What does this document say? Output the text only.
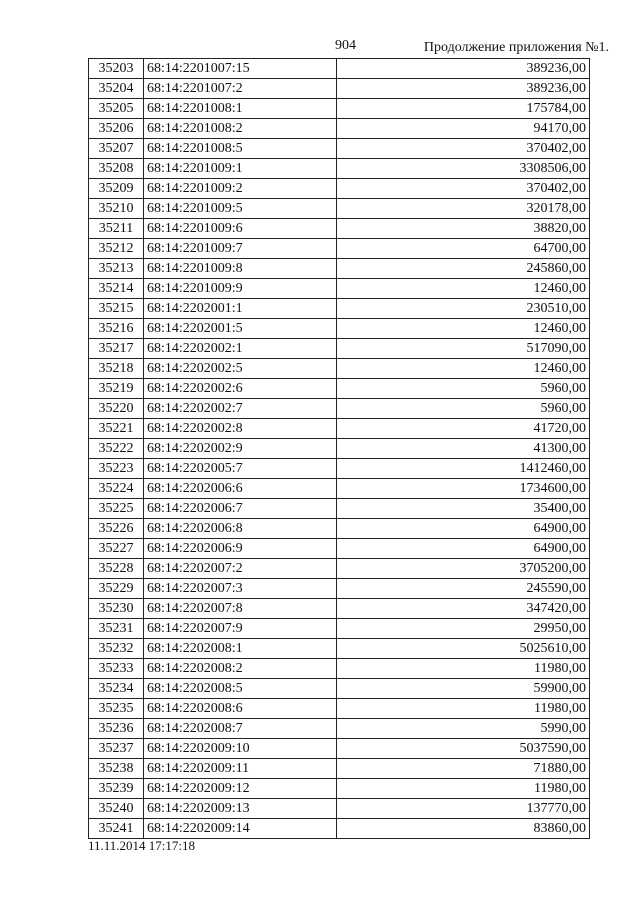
904	Продолжение приложения №1.
35203	68:14:2201007:15	389236,00
35204	68:14:2201007:2	389236,00
35205	68:14:2201008:1	175784,00
35206	68:14:2201008:2	94170,00
35207	68:14:2201008:5	370402,00
35208	68:14:2201009:1	3308506,00
35209	68:14:2201009:2	370402,00
35210	68:14:2201009:5	320178,00
35211	68:14:2201009:6	38820,00
35212	68:14:2201009:7	64700,00
35213	68:14:2201009:8	245860,00
35214	68:14:2201009:9	12460,00
35215	68:14:2202001:1	230510,00
35216	68:14:2202001:5	12460,00
35217	68:14:2202002:1	517090,00
35218	68:14:2202002:5	12460,00
35219	68:14:2202002:6	5960,00
35220	68:14:2202002:7	5960,00
35221	68:14:2202002:8	41720,00
35222	68:14:2202002:9	41300,00
35223	68:14:2202005:7	1412460,00
35224	68:14:2202006:6	1734600,00
35225	68:14:2202006:7	35400,00
35226	68:14:2202006:8	64900,00
35227	68:14:2202006:9	64900,00
35228	68:14:2202007:2	3705200,00
35229	68:14:2202007:3	245590,00
35230	68:14:2202007:8	347420,00
35231	68:14:2202007:9	29950,00
35232	68:14:2202008:1	5025610,00
35233	68:14:2202008:2	11980,00
35234	68:14:2202008:5	59900,00
35235	68:14:2202008:6	11980,00
35236	68:14:2202008:7	5990,00
35237	68:14:2202009:10	5037590,00
35238	68:14:2202009:11	71880,00
35239	68:14:2202009:12	11980,00
35240	68:14:2202009:13	137770,00
35241	68:14:2202009:14	83860,00
11.11.2014 17:17:18
